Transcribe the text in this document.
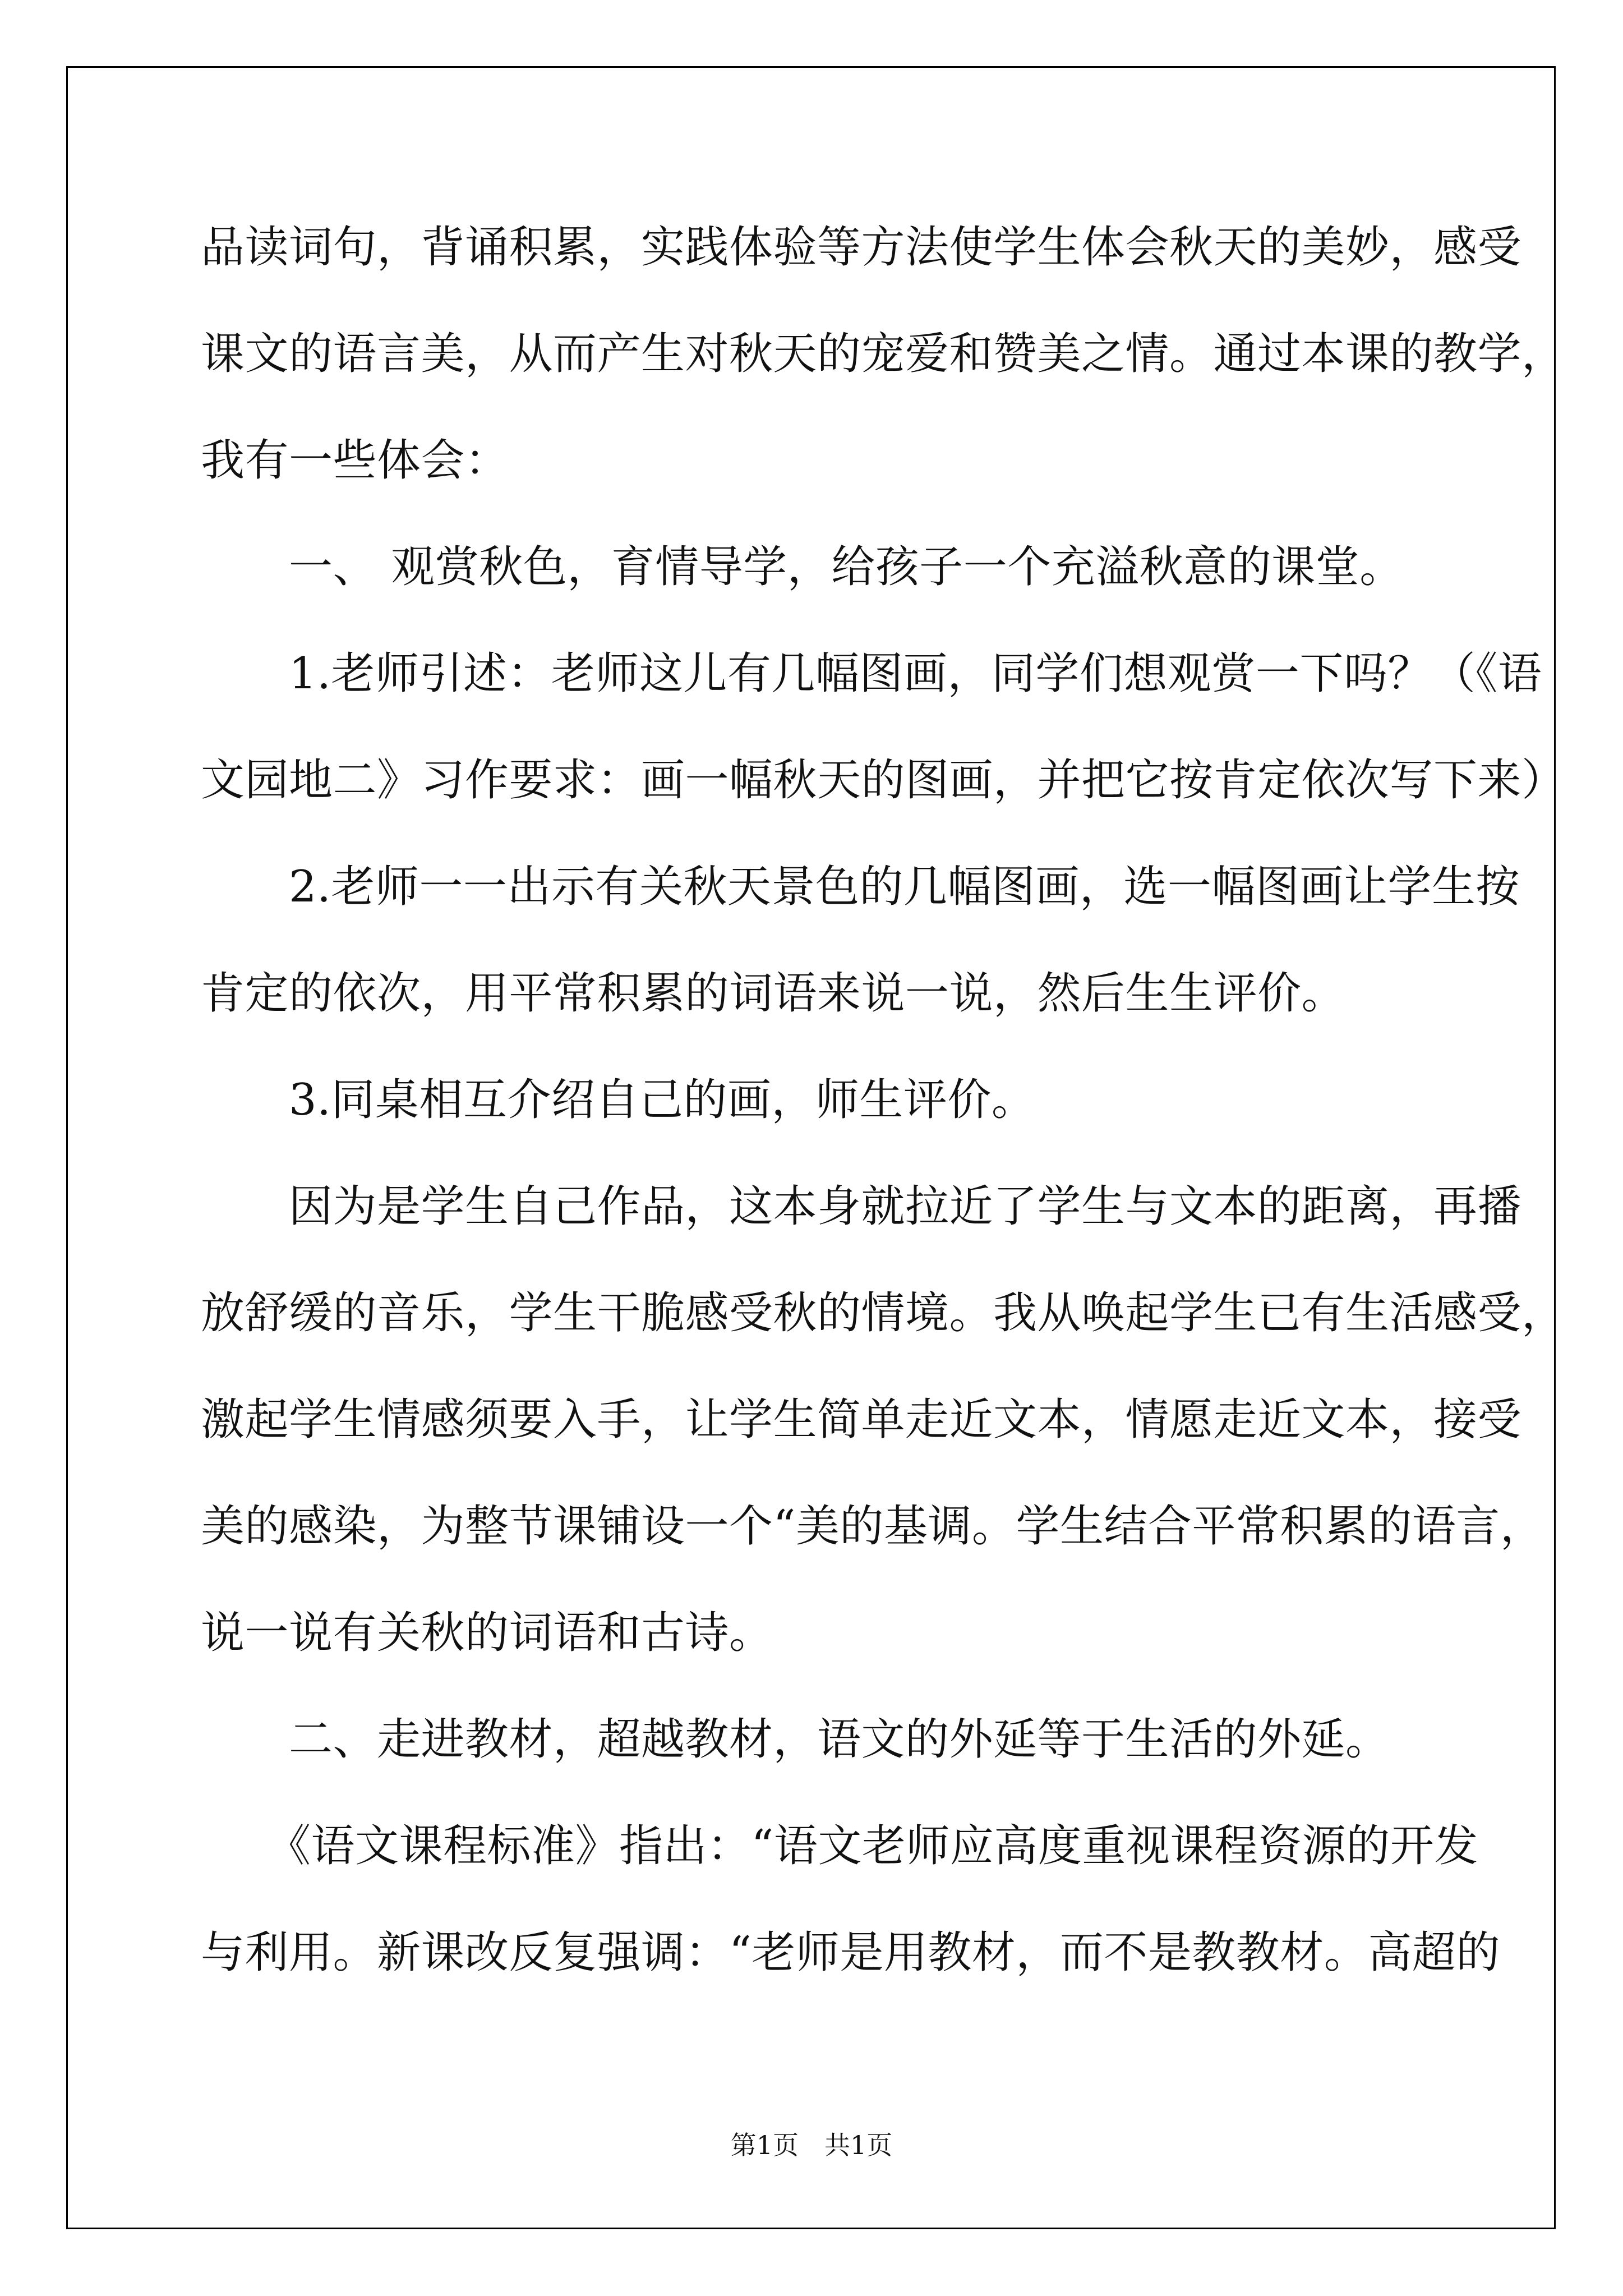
品读词句，背诵积累，实践体验等方法使学生体会秋天的美妙，感受
课文的语言美，从而产生对秋天的宠爱和赞美之情。通过本课的教学，
我有一些体会：
　　一、 观赏秋色，育情导学，给孩子一个充溢秋意的课堂。
　　1.老师引述：老师这儿有几幅图画，同学们想观赏一下吗？（《语
文园地二》习作要求：画一幅秋天的图画，并把它按肯定依次写下来）
　　2.老师一一出示有关秋天景色的几幅图画，选一幅图画让学生按
肯定的依次，用平常积累的词语来说一说，然后生生评价。
　　3.同桌相互介绍自己的画，师生评价。
　　因为是学生自己作品，这本身就拉近了学生与文本的距离，再播
放舒缓的音乐，学生干脆感受秋的情境。我从唤起学生已有生活感受，
激起学生情感须要入手，让学生简单走近文本，情愿走近文本，接受
美的感染，为整节课铺设一个“美的基调。学生结合平常积累的语言，
说一说有关秋的词语和古诗。
　　二、走进教材，超越教材，语文的外延等于生活的外延。
　　《语文课程标准》指出：“语文老师应高度重视课程资源的开发
与利用。新课改反复强调：“老师是用教材，而不是教教材。高超的
第1页　共1页
